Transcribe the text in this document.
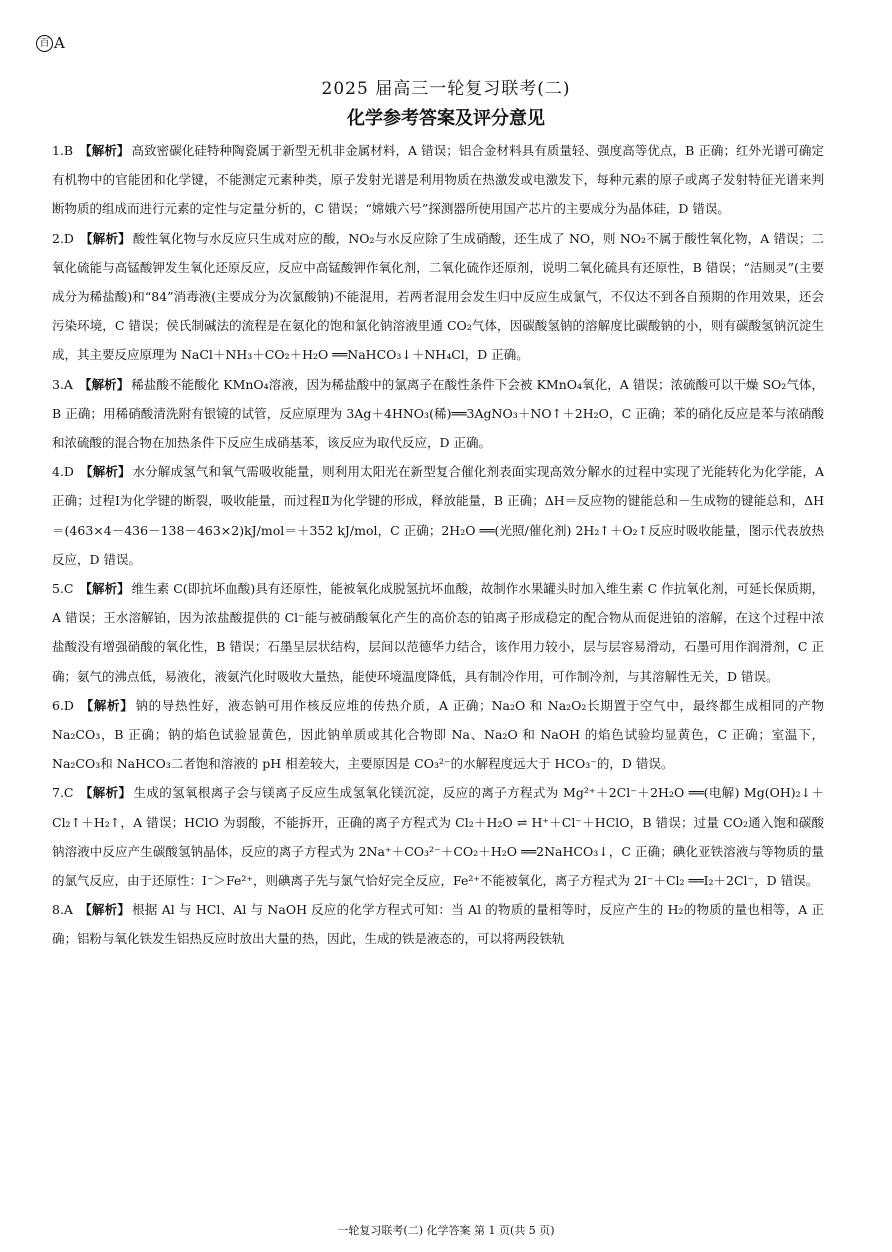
百 A
2025 届高三一轮复习联考(二)
化学参考答案及评分意见

1.B 【解析】 高致密碳化硅特种陶瓷属于新型无机非金属材料，A 错误；铝合金材料具有质量轻、强度高等优点，B 正确；红外光谱可确定有机物中的官能团和化学键，不能测定元素种类，原子发射光谱是利用物质在热激发或电激发下，每种元素的原子或离子发射特征光谱来判断物质的组成而进行元素的定性与定量分析的，C 错误；“嫦娥六号”探测器所使用国产芯片的主要成分为晶体硅，D 错误。

2.D 【解析】 酸性氧化物与水反应只生成对应的酸，NO₂与水反应除了生成硝酸，还生成了 NO，则 NO₂不属于酸性氧化物，A 错误；二氧化硫能与高锰酸钾发生氧化还原反应，反应中高锰酸钾作氧化剂，二氧化硫作还原剂，说明二氧化硫具有还原性，B 错误；“洁厕灵”(主要成分为稀盐酸)和“84”消毒液(主要成分为次氯酸钠)不能混用，若两者混用会发生归中反应生成氯气，不仅达不到各自预期的作用效果，还会污染环境，C 错误；侯氏制碱法的流程是在氨化的饱和氯化钠溶液里通 CO₂气体，因碳酸氢钠的溶解度比碳酸钠的小，则有碳酸氢钠沉淀生成，其主要反应原理为 NaCl＋NH₃＋CO₂＋H₂O ══NaHCO₃↓＋NH₄Cl，D 正确。

3.A 【解析】 稀盐酸不能酸化 KMnO₄溶液，因为稀盐酸中的氯离子在酸性条件下会被 KMnO₄氧化，A 错误；浓硫酸可以干燥 SO₂气体，B 正确；用稀硝酸清洗附有银镜的试管，反应原理为 3Ag＋4HNO₃(稀)══3AgNO₃＋NO↑＋2H₂O，C 正确；苯的硝化反应是苯与浓硝酸和浓硫酸的混合物在加热条件下反应生成硝基苯，该反应为取代反应，D 正确。

4.D 【解析】 水分解成氢气和氧气需吸收能量，则利用太阳光在新型复合催化剂表面实现高效分解水的过程中实现了光能转化为化学能，A 正确；过程Ⅰ为化学键的断裂，吸收能量，而过程Ⅱ为化学键的形成，释放能量，B 正确；ΔH＝反应物的键能总和－生成物的键能总和，ΔH＝(463×4－436－138－463×2)kJ/mol＝＋352 kJ/mol，C 正确；2H₂O ══(光照/催化剂) 2H₂↑＋O₂↑反应时吸收能量，图示代表放热反应，D 错误。

5.C 【解析】 维生素 C(即抗坏血酸)具有还原性，能被氧化成脱氢抗坏血酸，故制作水果罐头时加入维生素 C 作抗氧化剂，可延长保质期，A 错误；王水溶解铂，因为浓盐酸提供的 Cl⁻能与被硝酸氧化产生的高价态的铂离子形成稳定的配合物从而促进铂的溶解，在这个过程中浓盐酸没有增强硝酸的氧化性，B 错误；石墨呈层状结构，层间以范德华力结合，该作用力较小，层与层容易滑动，石墨可用作润滑剂，C 正确；氨气的沸点低，易液化，液氨汽化时吸收大量热，能使环境温度降低，具有制冷作用，可作制冷剂，与其溶解性无关，D 错误。

6.D 【解析】 钠的导热性好，液态钠可用作核反应堆的传热介质，A 正确；Na₂O 和 Na₂O₂长期置于空气中，最终都生成相同的产物 Na₂CO₃，B 正确；钠的焰色试验显黄色，因此钠单质或其化合物即 Na、Na₂O 和 NaOH 的焰色试验均显黄色，C 正确；室温下，Na₂CO₃和 NaHCO₃二者饱和溶液的 pH 相差较大，主要原因是 CO₃²⁻的水解程度远大于 HCO₃⁻的，D 错误。

7.C 【解析】 生成的氢氧根离子会与镁离子反应生成氢氧化镁沉淀，反应的离子方程式为 Mg²⁺＋2Cl⁻＋2H₂O ══(电解) Mg(OH)₂↓＋Cl₂↑＋H₂↑，A 错误；HClO 为弱酸，不能拆开，正确的离子方程式为 Cl₂＋H₂O ⇌ H⁺＋Cl⁻＋HClO，B 错误；过量 CO₂通入饱和碳酸钠溶液中反应产生碳酸氢钠晶体，反应的离子方程式为 2Na⁺＋CO₃²⁻＋CO₂＋H₂O ══2NaHCO₃↓，C 正确；碘化亚铁溶液与等物质的量的氯气反应，由于还原性：I⁻＞Fe²⁺，则碘离子先与氯气恰好完全反应，Fe²⁺不能被氧化，离子方程式为 2I⁻＋Cl₂ ══I₂＋2Cl⁻，D 错误。

8.A 【解析】 根据 Al 与 HCl、Al 与 NaOH 反应的化学方程式可知：当 Al 的物质的量相等时，反应产生的 H₂的物质的量也相等，A 正确；铝粉与氧化铁发生铝热反应时放出大量的热，因此，生成的铁是液态的，可以将两段铁轨

一轮复习联考(二) 化学答案 第 1 页(共 5 页)
